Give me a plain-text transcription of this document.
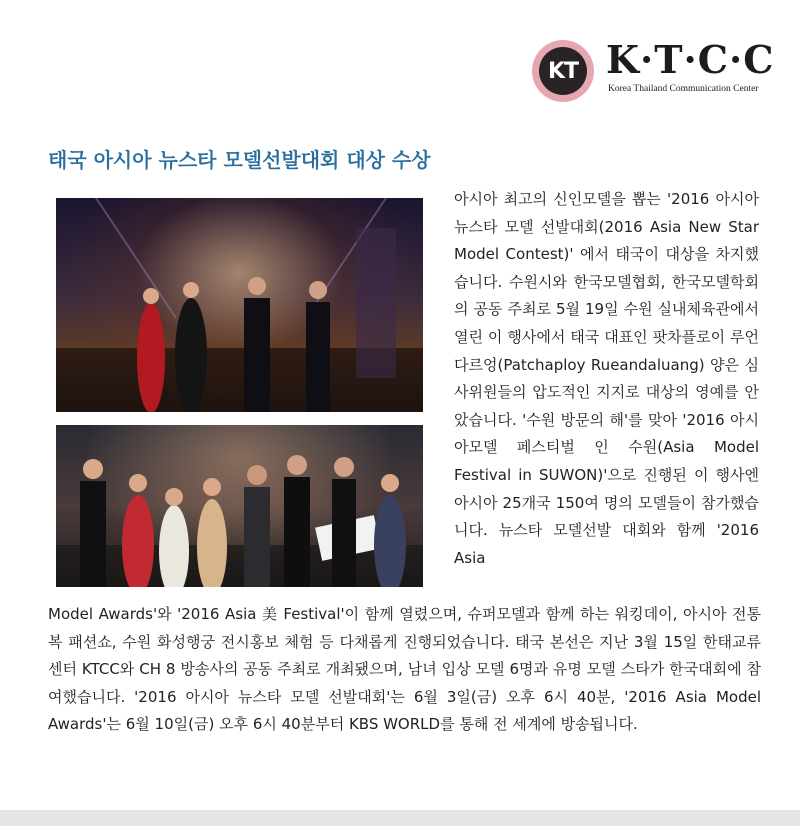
KT K·T·C·C
Korea Thailand Communication Center
태국 아시아 뉴스타 모델선발대회 대상 수상

아시아 최고의 신인모델을 뽑는 '2016 아시아 뉴스타 모델 선발대회(2016 Asia New Star Model Contest)' 에서 태국이 대상을 차지했습니다. 수원시와 한국모델협회, 한국모델학회의 공동 주최로 5월 19일 수원 실내체육관에서 열린 이 행사에서 태국 대표인 팟차플로이 루언다르엉(Patchaploy Rueandaluang) 양은 심사위원들의 압도적인 지지로 대상의 영예를 안았습니다. '수원 방문의 해'를 맞아 '2016 아시아모델 페스티벌 인 수원(Asia Model Festival in SUWON)'으로 진행된 이 행사엔 아시아 25개국 150여 명의 모델들이 참가했습니다. 뉴스타 모델선발 대회와 함께 '2016 Asia

Model Awards'와 '2016 Asia 美 Festival'이 함께 열렸으며, 슈퍼모델과 함께 하는 워킹데이, 아시아 전통복 패션쇼, 수원 화성행궁 전시홍보 체험 등 다채롭게 진행되었습니다. 태국 본선은 지난 3월 15일 한태교류센터 KTCC와 CH 8 방송사의 공동 주최로 개최됐으며, 남녀 입상 모델 6명과 유명 모델 스타가 한국대회에 참여했습니다. '2016 아시아 뉴스타 모델 선발대회'는 6월 3일(금) 오후 6시 40분, '2016 Asia Model Awards'는 6월 10일(금) 오후 6시 40분부터 KBS WORLD를 통해 전 세계에 방송됩니다.
